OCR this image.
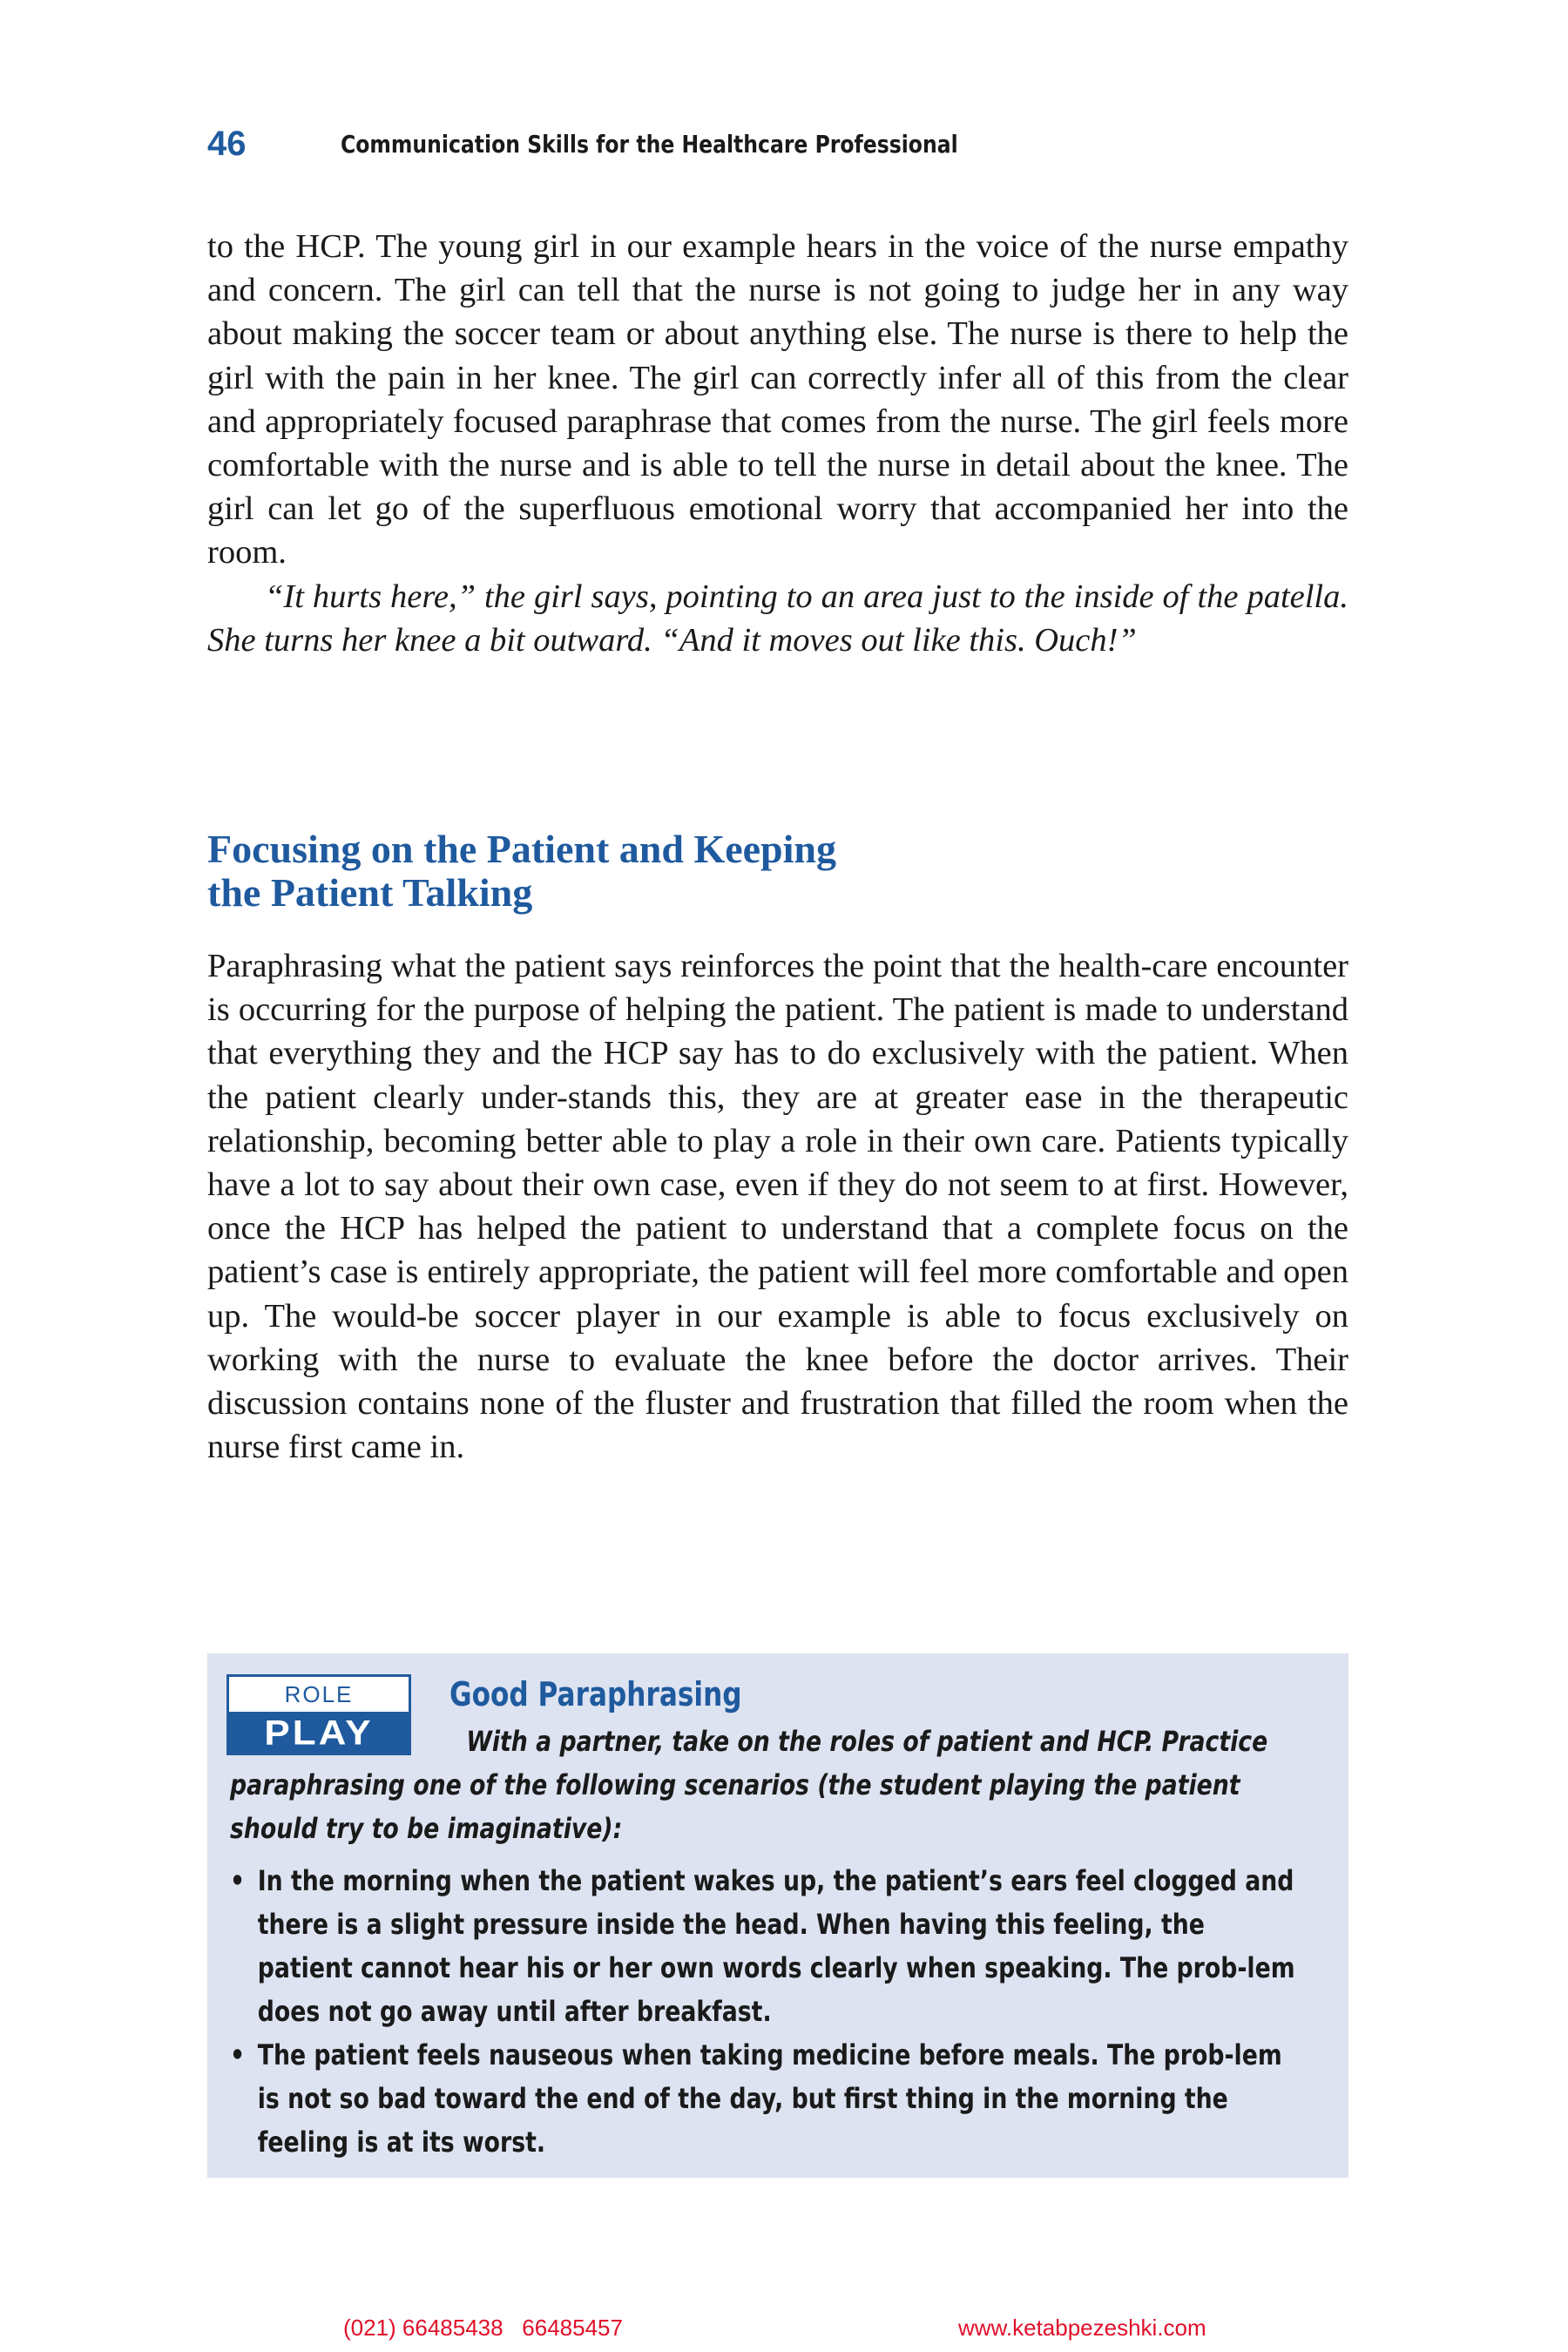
46	Communication Skills for the Healthcare Professional

to the HCP. The young girl in our example hears in the voice of the nurse empathy and concern. The girl can tell that the nurse is not going to judge her in any way about making the soccer team or about anything else. The nurse is there to help the girl with the pain in her knee. The girl can correctly infer all of this from the clear and appropriately focused paraphrase that comes from the nurse. The girl feels more comfortable with the nurse and is able to tell the nurse in detail about the knee. The girl can let go of the superfluous emotional worry that accompanied her into the room.

“It hurts here,” the girl says, pointing to an area just to the inside of the patella. She turns her knee a bit outward. “And it moves out like this. Ouch!”

Focusing on the Patient and Keeping
the Patient Talking

Paraphrasing what the patient says reinforces the point that the health-care encounter is occurring for the purpose of helping the patient. The patient is made to understand that everything they and the HCP say has to do exclusively with the patient. When the patient clearly under-stands this, they are at greater ease in the therapeutic relationship, becoming better able to play a role in their own care. Patients typically have a lot to say about their own case, even if they do not seem to at first. However, once the HCP has helped the patient to understand that a complete focus on the patient’s case is entirely appropriate, the patient will feel more comfortable and open up. The would-be soccer player in our example is able to focus exclusively on working with the nurse to evaluate the knee before the doctor arrives. Their discussion contains none of the fluster and frustration that filled the room when the nurse first came in.

ROLE
PLAY
Good Paraphrasing
With a partner, take on the roles of patient and HCP. Practice
paraphrasing one of the following scenarios (the student playing the patient should try to be imaginative):
• In the morning when the patient wakes up, the patient’s ears feel clogged and there is a slight pressure inside the head. When having this feeling, the patient cannot hear his or her own words clearly when speaking. The prob-lem does not go away until after breakfast.
• The patient feels nauseous when taking medicine before meals. The prob-lem is not so bad toward the end of the day, but first thing in the morning the feeling is at its worst.
(021) 66485438   66485457	www.ketabpezeshki.com
